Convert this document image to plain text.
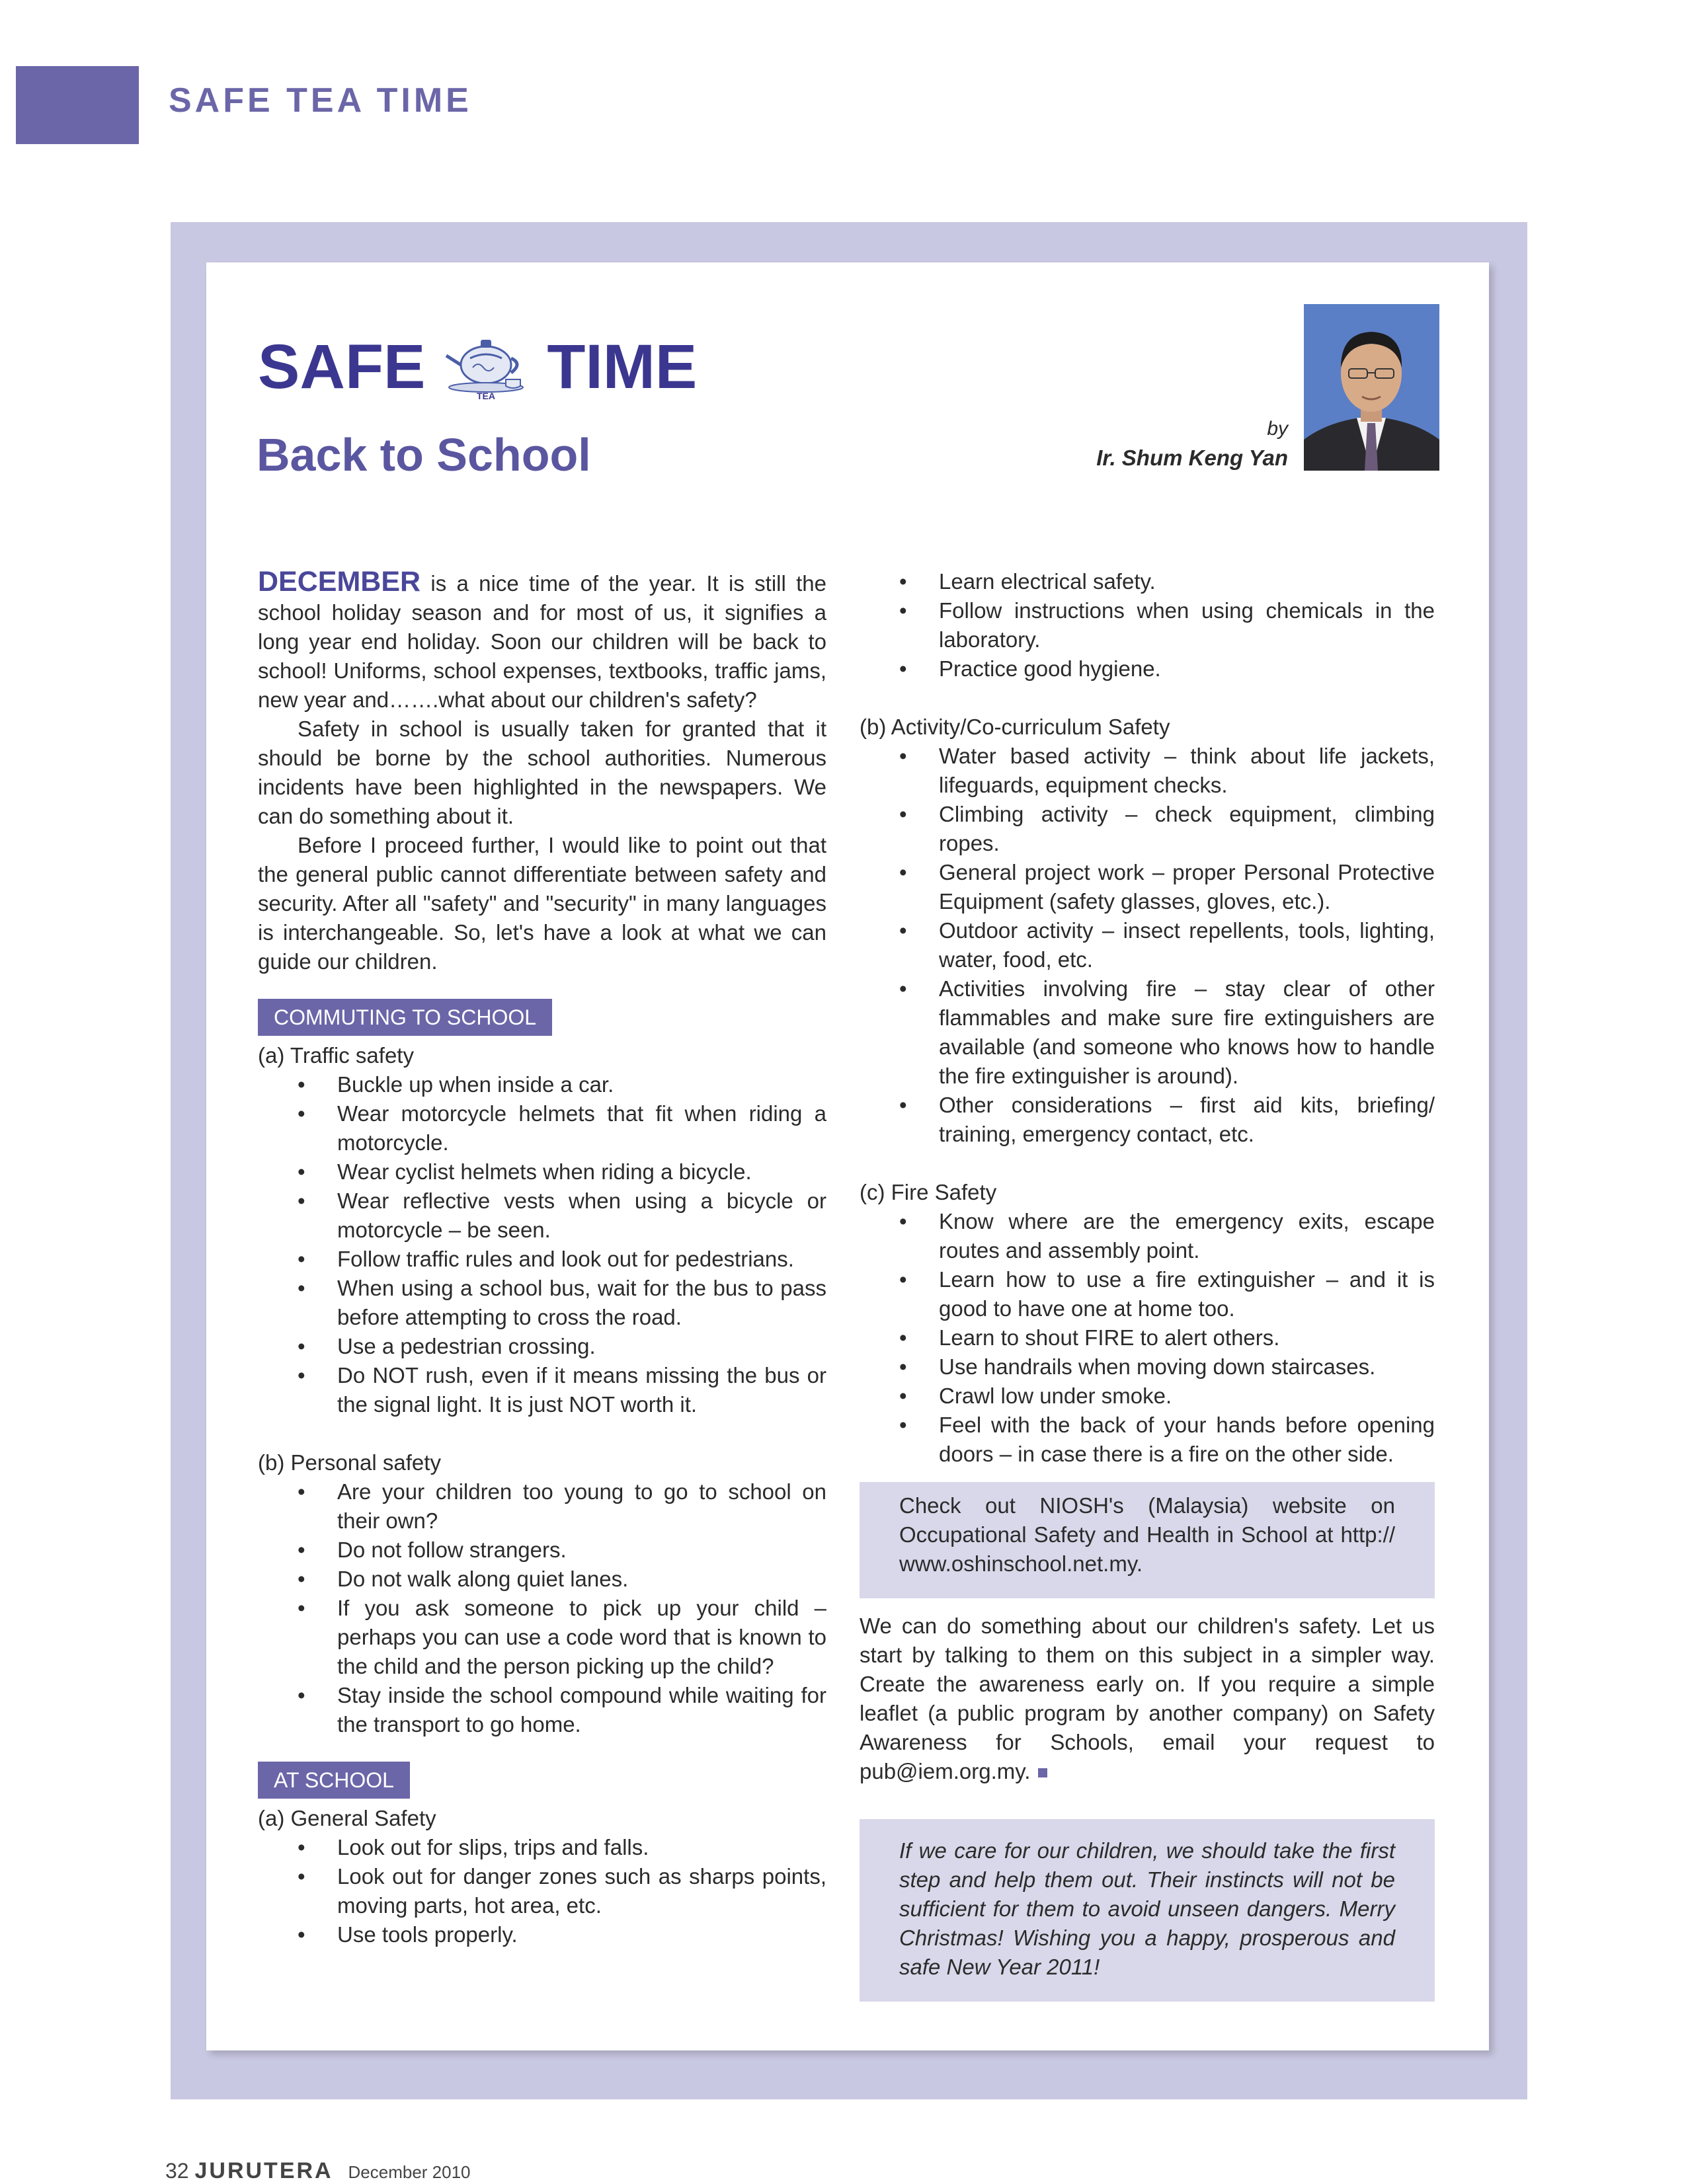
SAFE TEA TIME
SAFE	TEA TIME
Back to School
by
Ir. Shum Keng Yan

DECEMBER is a nice time of the year. It is still the school holiday season and for most of us, it signifies a long year end holiday. Soon our children will be back to school! Uniforms, school expenses, textbooks, traffic jams, new year and…….what about our children's safety?

Safety in school is usually taken for granted that it should be borne by the school authorities. Numerous incidents have been highlighted in the newspapers. We can do something about it.

Before I proceed further, I would like to point out that the general public cannot differentiate between safety and security. After all "safety" and "security" in many languages is interchangeable. So, let's have a look at what we can guide our children.

COMMUTING TO SCHOOL

(a) Traffic safety

• Buckle up when inside a car.
• Wear motorcycle helmets that fit when riding a motorcycle.
• Wear cyclist helmets when riding a bicycle.
• Wear reflective vests when using a bicycle or motorcycle – be seen.
• Follow traffic rules and look out for pedestrians.
• When using a school bus, wait for the bus to pass before attempting to cross the road.
• Use a pedestrian crossing.
• Do NOT rush, even if it means missing the bus or the signal light. It is just NOT worth it.

(b) Personal safety

• Are your children too young to go to school on their own?
• Do not follow strangers.
• Do not walk along quiet lanes.
• If you ask someone to pick up your child – perhaps you can use a code word that is known to the child and the person picking up the child?
• Stay inside the school compound while waiting for the transport to go home.
AT SCHOOL

(a) General Safety

• Look out for slips, trips and falls.
• Look out for danger zones such as sharps points, moving parts, hot area, etc.
• Use tools properly.
• Learn electrical safety.
• Follow instructions when using chemicals in the laboratory.
• Practice good hygiene.

(b) Activity/Co-curriculum Safety

• Water based activity – think about life jackets, lifeguards, equipment checks.
• Climbing activity – check equipment, climbing ropes.
• General project work – proper Personal Protective Equipment (safety glasses, gloves, etc.).
• Outdoor activity – insect repellents, tools, lighting, water, food, etc.
• Activities involving fire – stay clear of other flammables and make sure fire extinguishers are available (and someone who knows how to handle the fire extinguisher is around).
• Other considerations – first aid kits, briefing/ training, emergency contact, etc.

(c) Fire Safety

• Know where are the emergency exits, escape routes and assembly point.
• Learn how to use a fire extinguisher – and it is good to have one at home too.
• Learn to shout FIRE to alert others.
• Use handrails when moving down staircases.
• Crawl low under smoke.
• Feel with the back of your hands before opening doors – in case there is a fire on the other side.

Check out NIOSH's (Malaysia) website on Occupational Safety and Health in School at http:// www.oshinschool.net.my.

We can do something about our children's safety. Let us start by talking to them on this subject in a simpler way. Create the awareness early on. If you require a simple leaflet (a public program by another company) on Safety Awareness for Schools, email your request to pub@iem.org.my.

If we care for our children, we should take the first step and help them out. Their instincts will not be sufficient for them to avoid unseen dangers. Merry Christmas! Wishing you a happy, prosperous and safe New Year 2011!

32 JURUTERA December 2010
